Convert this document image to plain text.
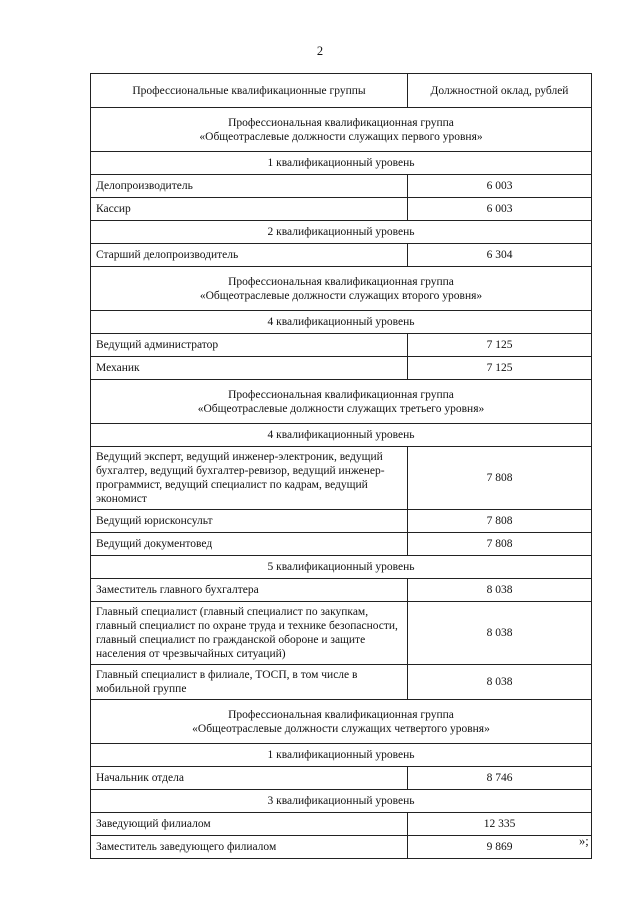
2
Профессиональные квалификационные группы	Должностной оклад, рублей

Профессиональная квалификационная группа
«Общеотраслевые должности служащих первого уровня»	

1 квалификационный уровень	
Делопроизводитель	6 003
Кассир	6 003
2 квалификационный уровень	
Старший делопроизводитель	6 304

Профессиональная квалификационная группа
«Общеотраслевые должности служащих второго уровня»	

4 квалификационный уровень	
Ведущий администратор	7 125
Механик	7 125

Профессиональная квалификационная группа
«Общеотраслевые должности служащих третьего уровня»	

4 квалификационный уровень	
Ведущий эксперт, ведущий инженер-электроник, ведущий бухгалтер, ведущий бухгалтер-ревизор, ведущий инженер-программист, ведущий специалист по кадрам, ведущий экономист	7 808
Ведущий юрисконсульт	7 808
Ведущий документовед	7 808
5 квалификационный уровень	
Заместитель главного бухгалтера	8 038
Главный специалист (главный специалист по закупкам, главный специалист по охране труда и технике безопасности, главный специалист по гражданской обороне и защите населения от чрезвычайных ситуаций)	8 038
Главный специалист в филиале, ТОСП, в том числе в мобильной группе	8 038

Профессиональная квалификационная группа
«Общеотраслевые должности служащих четвертого уровня»	

1 квалификационный уровень	
Начальник отдела	8 746
3 квалификационный уровень	
Заведующий филиалом	12 335
Заместитель заведующего филиалом	9 869	»;
